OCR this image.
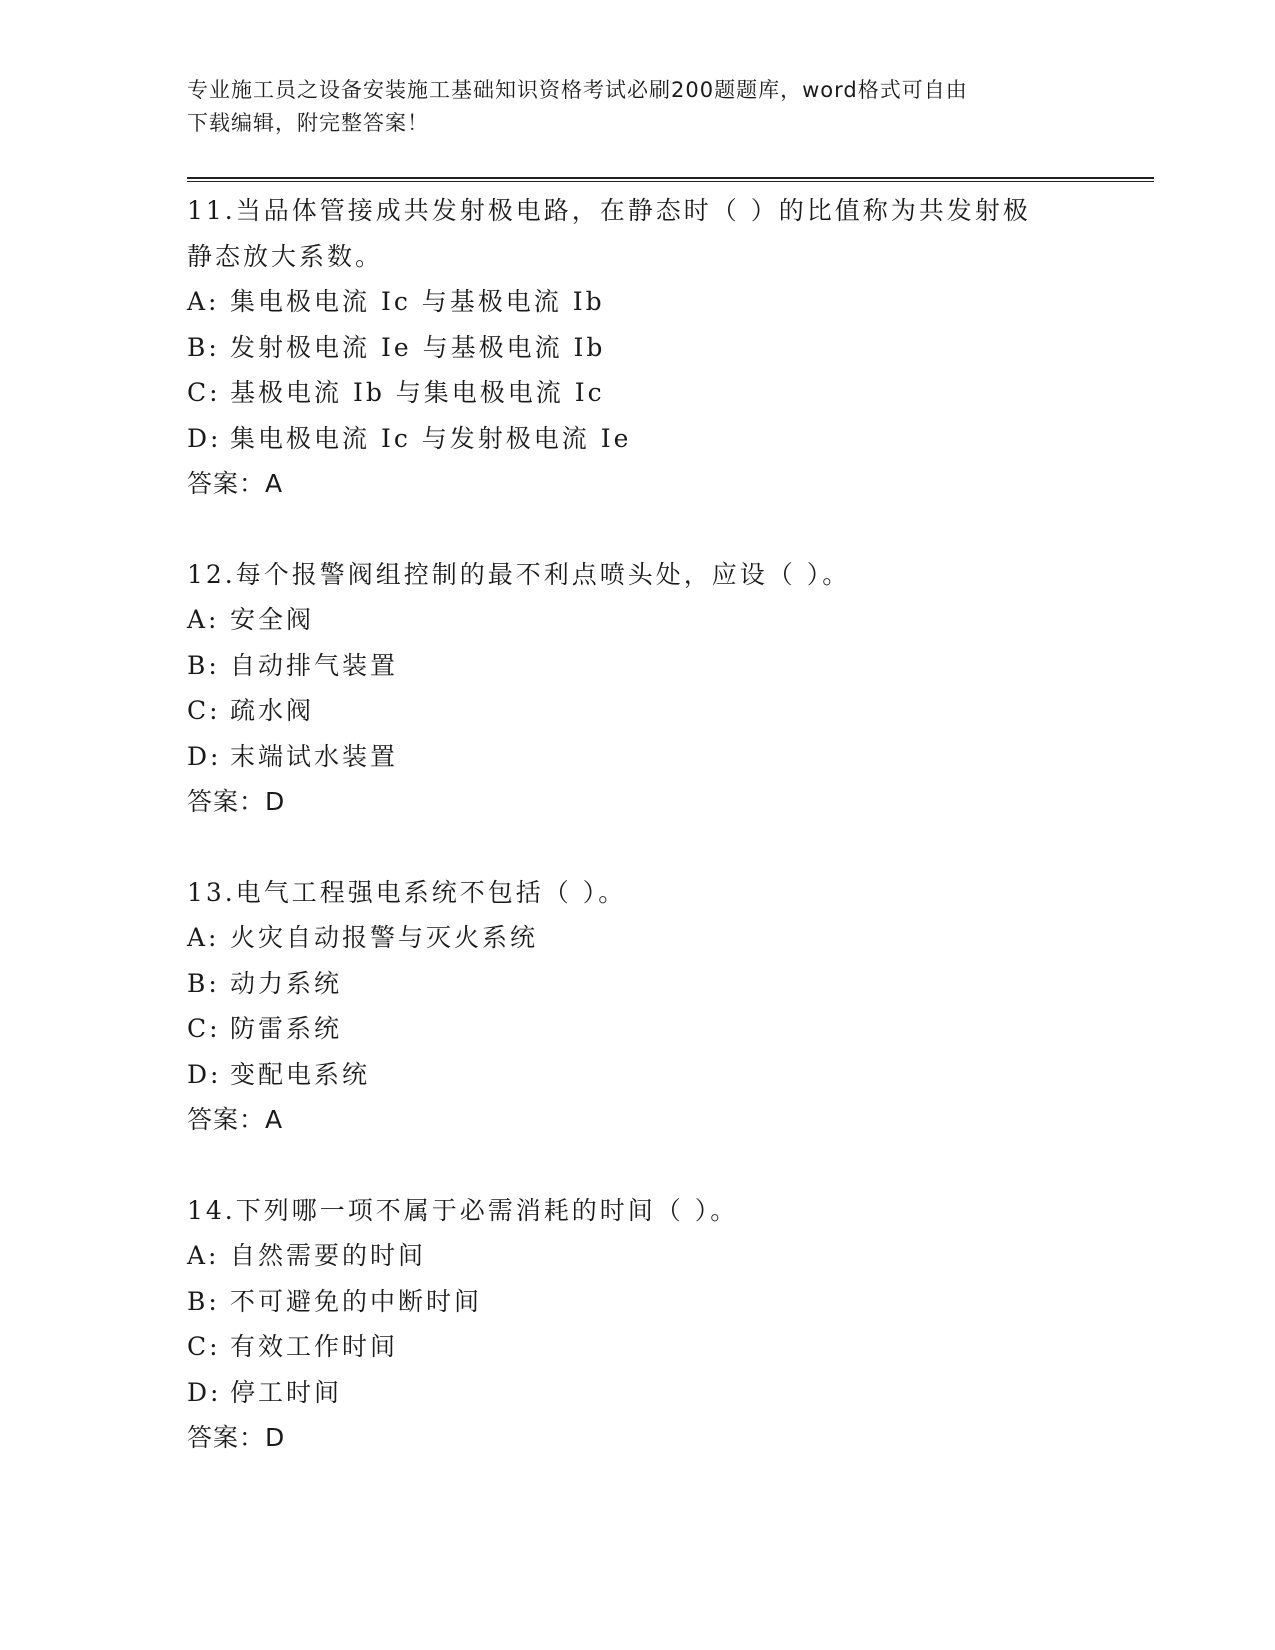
专业施工员之设备安装施工基础知识资格考试必刷200题题库，word格式可自由
下载编辑，附完整答案！
11.当品体管接成共发射极电路，在静态时（ ）的比值称为共发射极
静态放大系数。
A: 集电极电流 Ic 与基极电流 Ib
B: 发射极电流 Ie 与基极电流 Ib
C: 基极电流 Ib 与集电极电流 Ic
D: 集电极电流 Ic 与发射极电流 Ie
答案：A
12.每个报警阀组控制的最不利点喷头处，应设（ ）。
A: 安全阀
B: 自动排气装置
C: 疏水阀
D: 末端试水装置
答案：D
13.电气工程强电系统不包括（ ）。
A: 火灾自动报警与灭火系统
B: 动力系统
C: 防雷系统
D: 变配电系统
答案：A
14.下列哪一项不属于必需消耗的时间（ ）。
A: 自然需要的时间
B: 不可避免的中断时间
C: 有效工作时间
D: 停工时间
答案：D
